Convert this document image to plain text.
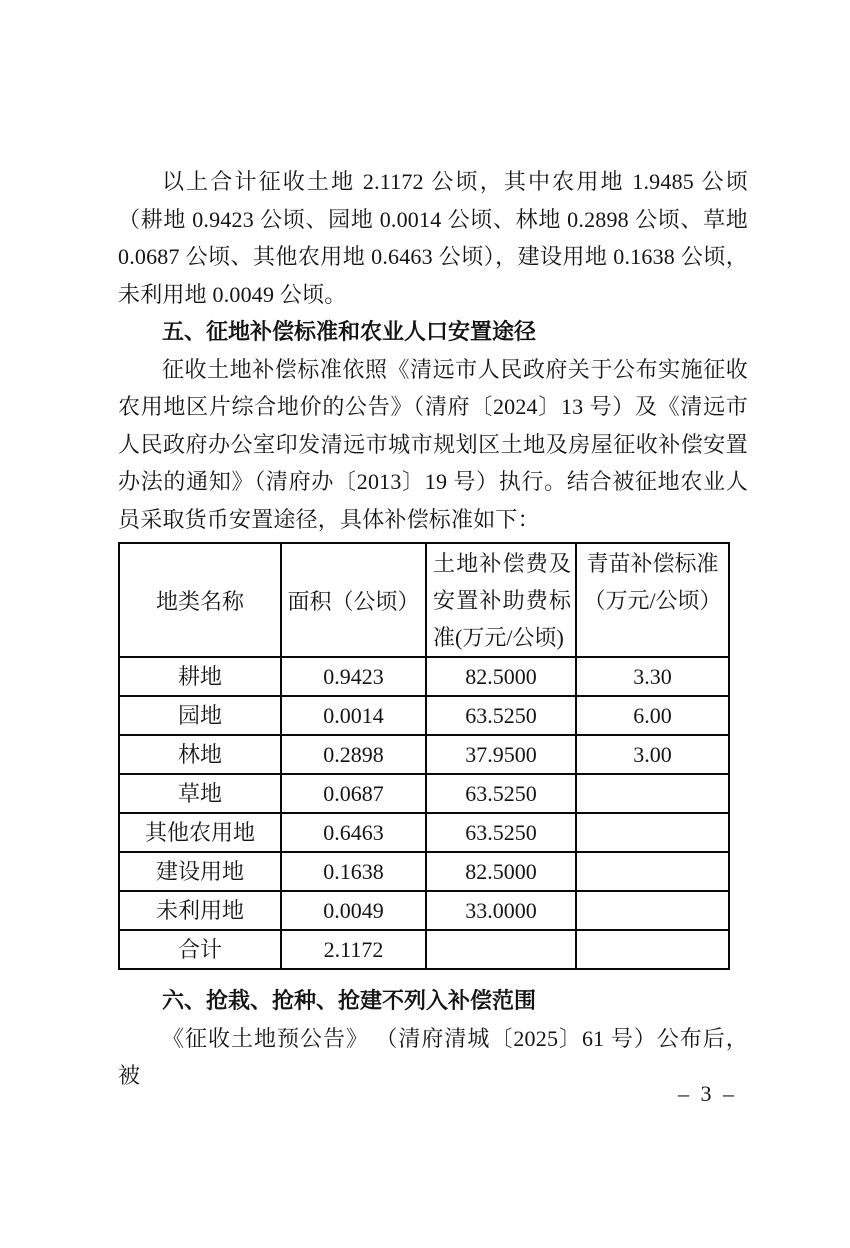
以上合计征收土地 2.1172 公顷，其中农用地 1.9485 公顷（耕地 0.9423 公顷、园地 0.0014 公顷、林地 0.2898 公顷、草地0.0687 公顷、其他农用地 0.6463 公顷），建设用地 0.1638 公顷，未利用地 0.0049 公顷。

五、征地补偿标准和农业人口安置途径

征收土地补偿标准依照《清远市人民政府关于公布实施征收农用地区片综合地价的公告》（清府〔2024〕13 号）及《清远市人民政府办公室印发清远市城市规划区土地及房屋征收补偿安置办法的通知》（清府办〔2013〕19 号）执行。结合被征地农业人员采取货币安置途径，具体补偿标准如下：

地类名称	面积（公顷）	土地补偿费及安置补助费标准(万元/公顷)	青苗补偿标准（万元/公顷）
耕地	0.9423	82.5000	3.30
园地	0.0014	63.5250	6.00
林地	0.2898	37.9500	3.00
草地	0.0687	63.5250	
其他农用地	0.6463	63.5250	
建设用地	0.1638	82.5000	
未利用地	0.0049	33.0000	
合计	2.1172		
六、抢栽、抢种、抢建不列入补偿范围

《征收土地预公告》 （清府清城〔2025〕61 号）公布后，被

– 3 –
